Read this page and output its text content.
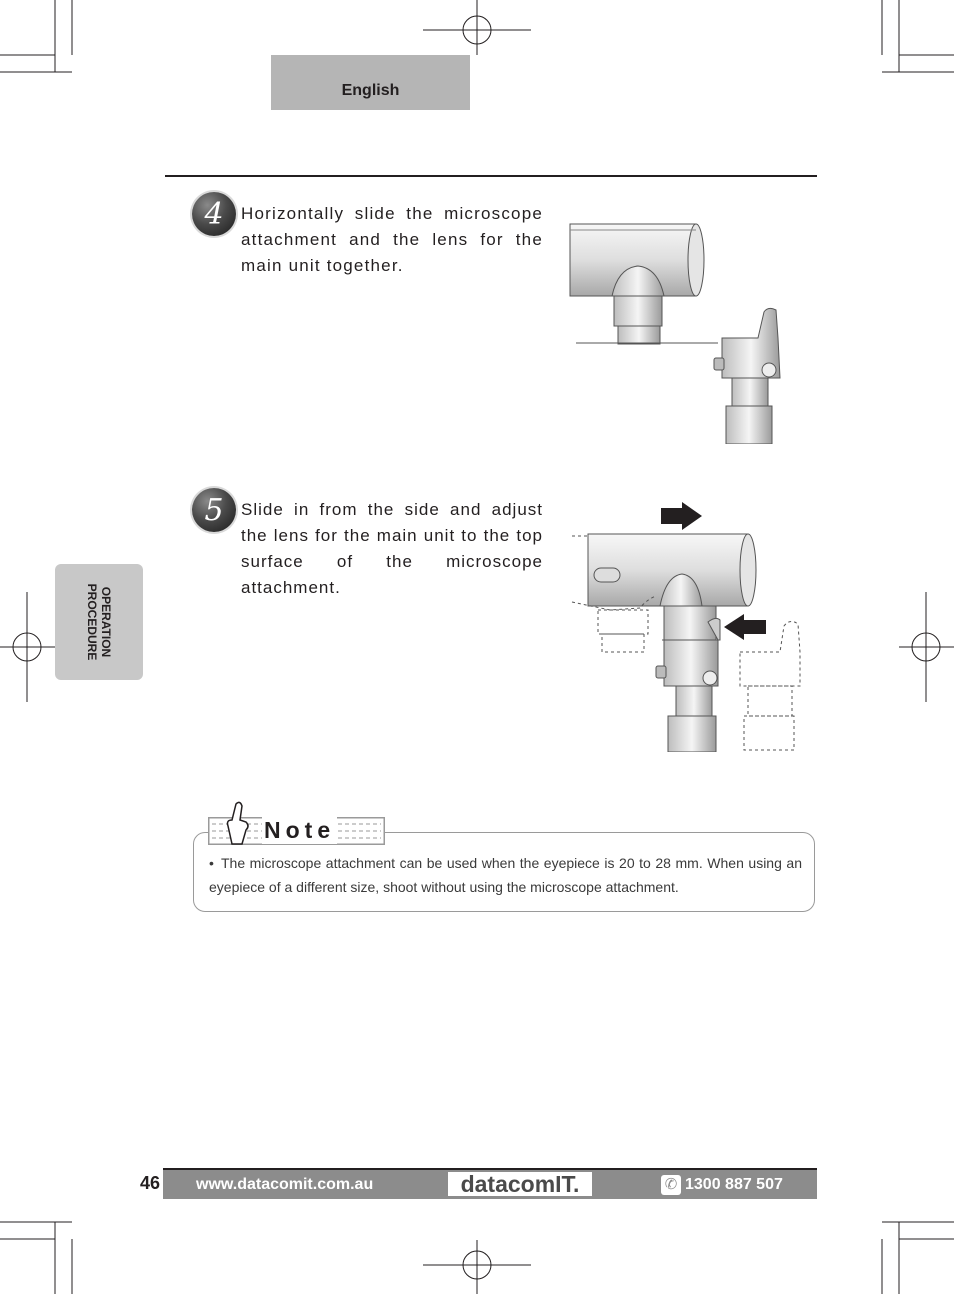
English
4	Horizontally slide the microscope attachment and the lens for the main unit together.
5	Slide in from the side and adjust the lens for the main unit to the top surface of the microscope attachment.
OPERATION
PROCEDURE
Note
• The microscope attachment can be used when the eyepiece is 20 to 28 mm. When using an eyepiece of a different size, shoot without using the microscope attachment.
46 www.datacomit.com.au	datacomIT.	✆ 1300 887 507
